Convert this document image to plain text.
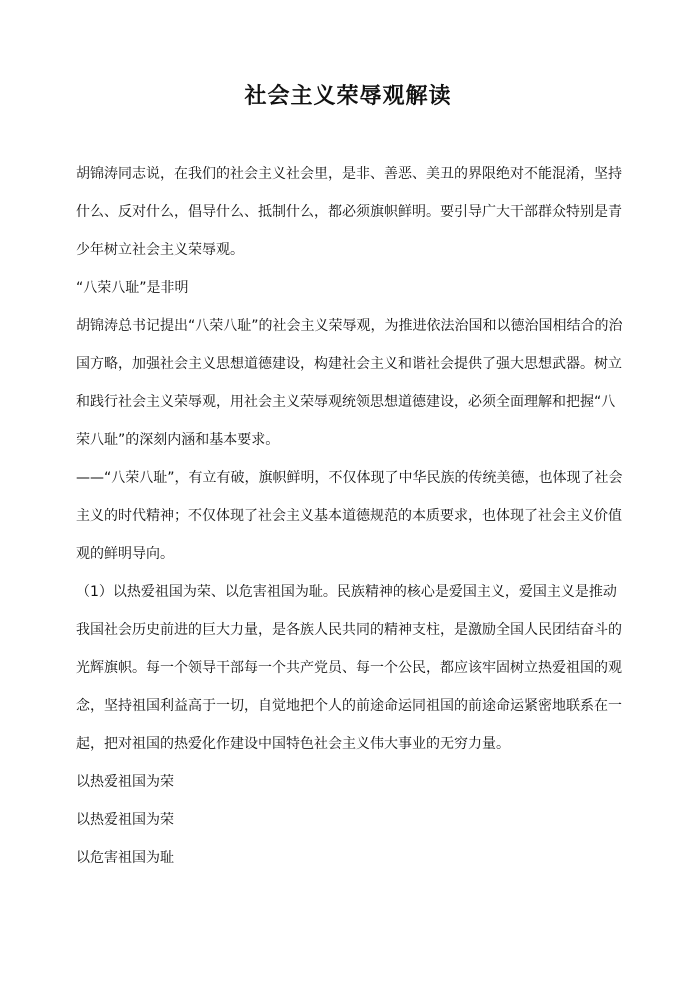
社会主义荣辱观解读

胡锦涛同志说，在我们的社会主义社会里，是非、善恶、美丑的界限绝对不能混淆，坚持什么、反对什么，倡导什么、抵制什么，都必须旗帜鲜明。要引导广大干部群众特别是青少年树立社会主义荣辱观。

“八荣八耻”是非明

胡锦涛总书记提出“八荣八耻”的社会主义荣辱观，为推进依法治国和以德治国相结合的治国方略，加强社会主义思想道德建设，构建社会主义和谐社会提供了强大思想武器。树立和践行社会主义荣辱观，用社会主义荣辱观统领思想道德建设，必须全面理解和把握“八荣八耻”的深刻内涵和基本要求。

——“八荣八耻”，有立有破，旗帜鲜明，不仅体现了中华民族的传统美德，也体现了社会主义的时代精神；不仅体现了社会主义基本道德规范的本质要求，也体现了社会主义价值观的鲜明导向。

（1）以热爱祖国为荣、以危害祖国为耻。民族精神的核心是爱国主义，爱国主义是推动我国社会历史前进的巨大力量，是各族人民共同的精神支柱，是激励全国人民团结奋斗的光辉旗帜。每一个领导干部每一个共产党员、每一个公民，都应该牢固树立热爱祖国的观念，坚持祖国利益高于一切，自觉地把个人的前途命运同祖国的前途命运紧密地联系在一起，把对祖国的热爱化作建设中国特色社会主义伟大事业的无穷力量。

以热爱祖国为荣

以热爱祖国为荣

以危害祖国为耻
